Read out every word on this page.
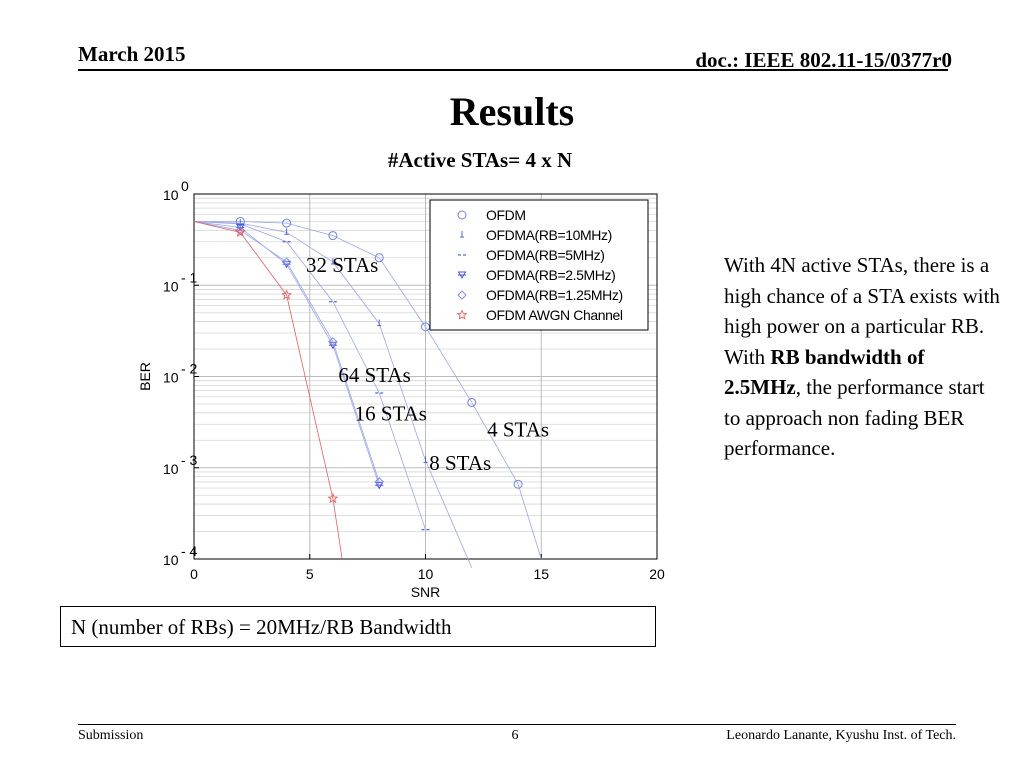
March 2015	doc.: IEEE 802.11-15/0377r0
Results
#Active STAs= 4 x N
0	5	10	15	20
10
0
10
- 1
10
- 2
10
- 3
10
- 4
32 STAs
64 STAs
16 STAs
4 STAs
8 STAs
OFDM
OFDMA(RB=10MHz)
OFDMA(RB=5MHz)
OFDMA(RB=2.5MHz)
OFDMA(RB=1.25MHz)
OFDM AWGN Channel
SNR
BER
With 4N active STAs, there is a high chance of a STA exists with high power on a particular RB. With RB bandwidth of 2.5MHz, the performance start to approach non fading BER performance.
N (number of RBs) = 20MHz/RB Bandwidth
Submission	6	Leonardo Lanante, Kyushu Inst. of Tech.
